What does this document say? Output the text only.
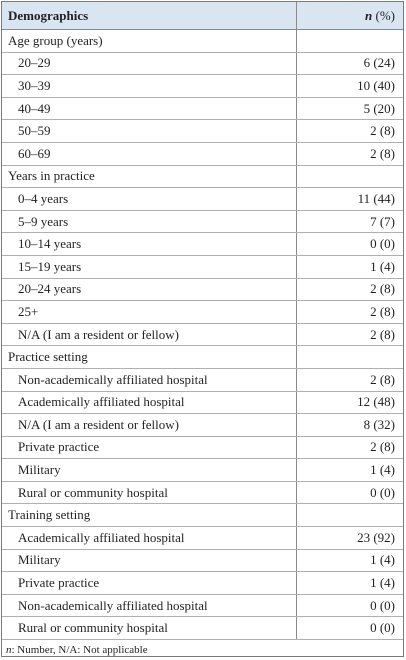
Demographics	n (%)
Age group (years)	
20–29	6 (24)
30–39	10 (40)
40–49	5 (20)
50–59	2 (8)
60–69	2 (8)
Years in practice	
0–4 years	11 (44)
5–9 years	7 (7)
10–14 years	0 (0)
15–19 years	1 (4)
20–24 years	2 (8)
25+	2 (8)
N/A (I am a resident or fellow)	2 (8)
Practice setting	
Non-academically affiliated hospital	2 (8)
Academically affiliated hospital	12 (48)
N/A (I am a resident or fellow)	8 (32)
Private practice	2 (8)
Military	1 (4)
Rural or community hospital	0 (0)
Training setting	
Academically affiliated hospital	23 (92)
Military	1 (4)
Private practice	1 (4)
Non-academically affiliated hospital	0 (0)
Rural or community hospital	0 (0)
n: Number, N/A: Not applicable	
